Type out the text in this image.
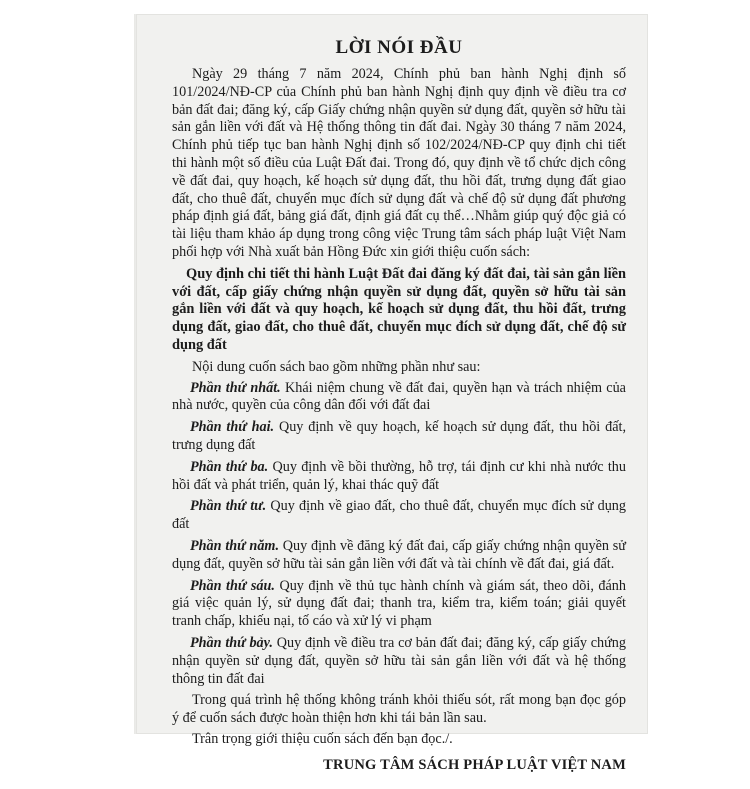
LỜI NÓI ĐẦU

Ngày 29 tháng 7 năm 2024, Chính phủ ban hành Nghị định số 101/2024/NĐ-CP của Chính phủ ban hành Nghị định quy định về điều tra cơ bản đất đai; đăng ký, cấp Giấy chứng nhận quyền sử dụng đất, quyền sở hữu tài sản gắn liền với đất và Hệ thống thông tin đất đai. Ngày 30 tháng 7 năm 2024, Chính phủ tiếp tục ban hành Nghị định số 102/2024/NĐ-CP quy định chi tiết thi hành một số điều của Luật Đất đai. Trong đó, quy định về tổ chức dịch công về đất đai, quy hoạch, kế hoạch sử dụng đất, thu hồi đất, trưng dụng đất giao đất, cho thuê đất, chuyển mục đích sử dụng đất và chế độ sử dụng đất phương pháp định giá đất, bảng giá đất, định giá đất cụ thể…Nhằm giúp quý độc giả có tài liệu tham khảo áp dụng trong công việc Trung tâm sách pháp luật Việt Nam phối hợp với Nhà xuất bản Hồng Đức xin giới thiệu cuốn sách:

Quy định chi tiết thi hành Luật Đất đai đăng ký đất đai, tài sản gắn liền với đất, cấp giấy chứng nhận quyền sử dụng đất, quyền sở hữu tài sản gắn liền với đất và quy hoạch, kế hoạch sử dụng đất, thu hồi đất, trưng dụng đất, giao đất, cho thuê đất, chuyển mục đích sử dụng đất, chế độ sử dụng đất

Nội dung cuốn sách bao gồm những phần như sau:

Phần thứ nhất. Khái niệm chung về đất đai, quyền hạn và trách nhiệm của nhà nước, quyền của công dân đối với đất đai

Phần thứ hai. Quy định về quy hoạch, kế hoạch sử dụng đất, thu hồi đất, trưng dụng đất

Phần thứ ba. Quy định về bồi thường, hỗ trợ, tái định cư khi nhà nước thu hồi đất và phát triển, quản lý, khai thác quỹ đất

Phần thứ tư. Quy định về giao đất, cho thuê đất, chuyển mục đích sử dụng đất

Phần thứ năm. Quy định về đăng ký đất đai, cấp giấy chứng nhận quyền sử dụng đất, quyền sở hữu tài sản gắn liền với đất và tài chính về đất đai, giá đất.

Phần thứ sáu. Quy định về thủ tục hành chính và giám sát, theo dõi, đánh giá việc quản lý, sử dụng đất đai; thanh tra, kiểm tra, kiểm toán; giải quyết tranh chấp, khiếu nại, tố cáo và xử lý vi phạm

Phần thứ bảy. Quy định về điều tra cơ bản đất đai; đăng ký, cấp giấy chứng nhận quyền sử dụng đất, quyền sở hữu tài sản gắn liền với đất và hệ thống thông tin đất đai

Trong quá trình hệ thống không tránh khỏi thiếu sót, rất mong bạn đọc góp ý để cuốn sách được hoàn thiện hơn khi tái bản lần sau.

Trân trọng giới thiệu cuốn sách đến bạn đọc./.

TRUNG TÂM SÁCH PHÁP LUẬT VIỆT NAM
